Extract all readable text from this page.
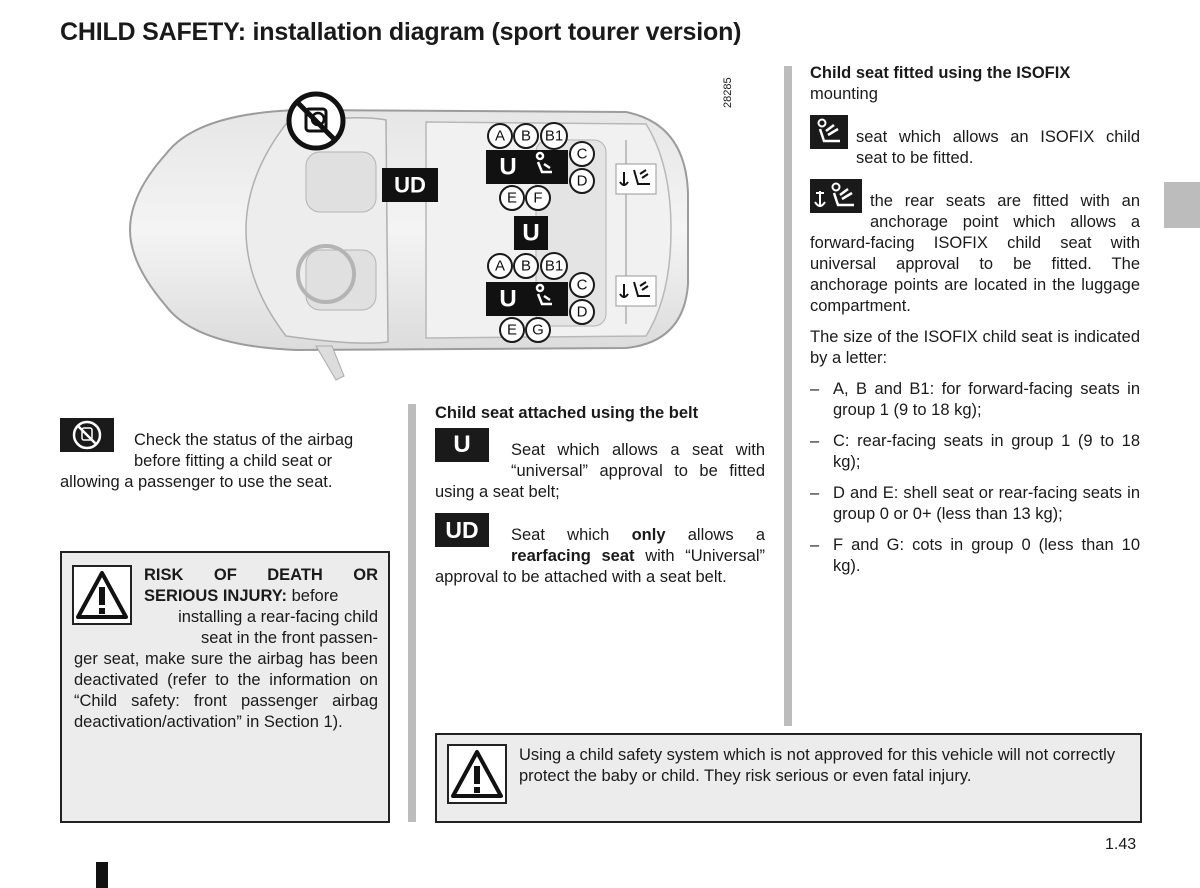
CHILD SAFETY: installation diagram (sport tourer version)
28285
UD
A B B1
U	C
D
E F
U
A B B1
U
C
D
E G

Check the status of the airbag before fitting a child seat or allowing a passenger to use the seat.

RISK OF DEATH OR SERIOUS INJURY: before

installing a rear-facing child

seat in the front passen-

ger seat, make sure the airbag has been deactivated (refer to the information on “Child safety: front passenger airbag deactivation/activation” in Section 1).

Child seat attached using the belt

U	Seat which allows a seat with “universal” approval to be fitted using a seat belt;

UD	Seat which only allows a rearfacing seat with “Universal” approval to be attached with a seat belt.

Child seat fitted using the ISOFIX

mounting

seat which allows an ISOFIX child seat to be fitted.

the rear seats are fitted with an anchorage point which allows a forward-facing ISOFIX child seat with universal approval to be fitted. The anchorage points are located in the luggage compartment.

The size of the ISOFIX child seat is indicated by a letter:

– A, B and B1: for forward-facing seats in group 1 (9 to 18 kg);
– C: rear-facing seats in group 1 (9 to 18 kg);
– D and E: shell seat or rear-facing seats in group 0 or 0+ (less than 13 kg);
– F and G: cots in group 0 (less than 10 kg).

Using a child safety system which is not approved for this vehicle will not correctly protect the baby or child. They risk serious or even fatal injury.

1.43
